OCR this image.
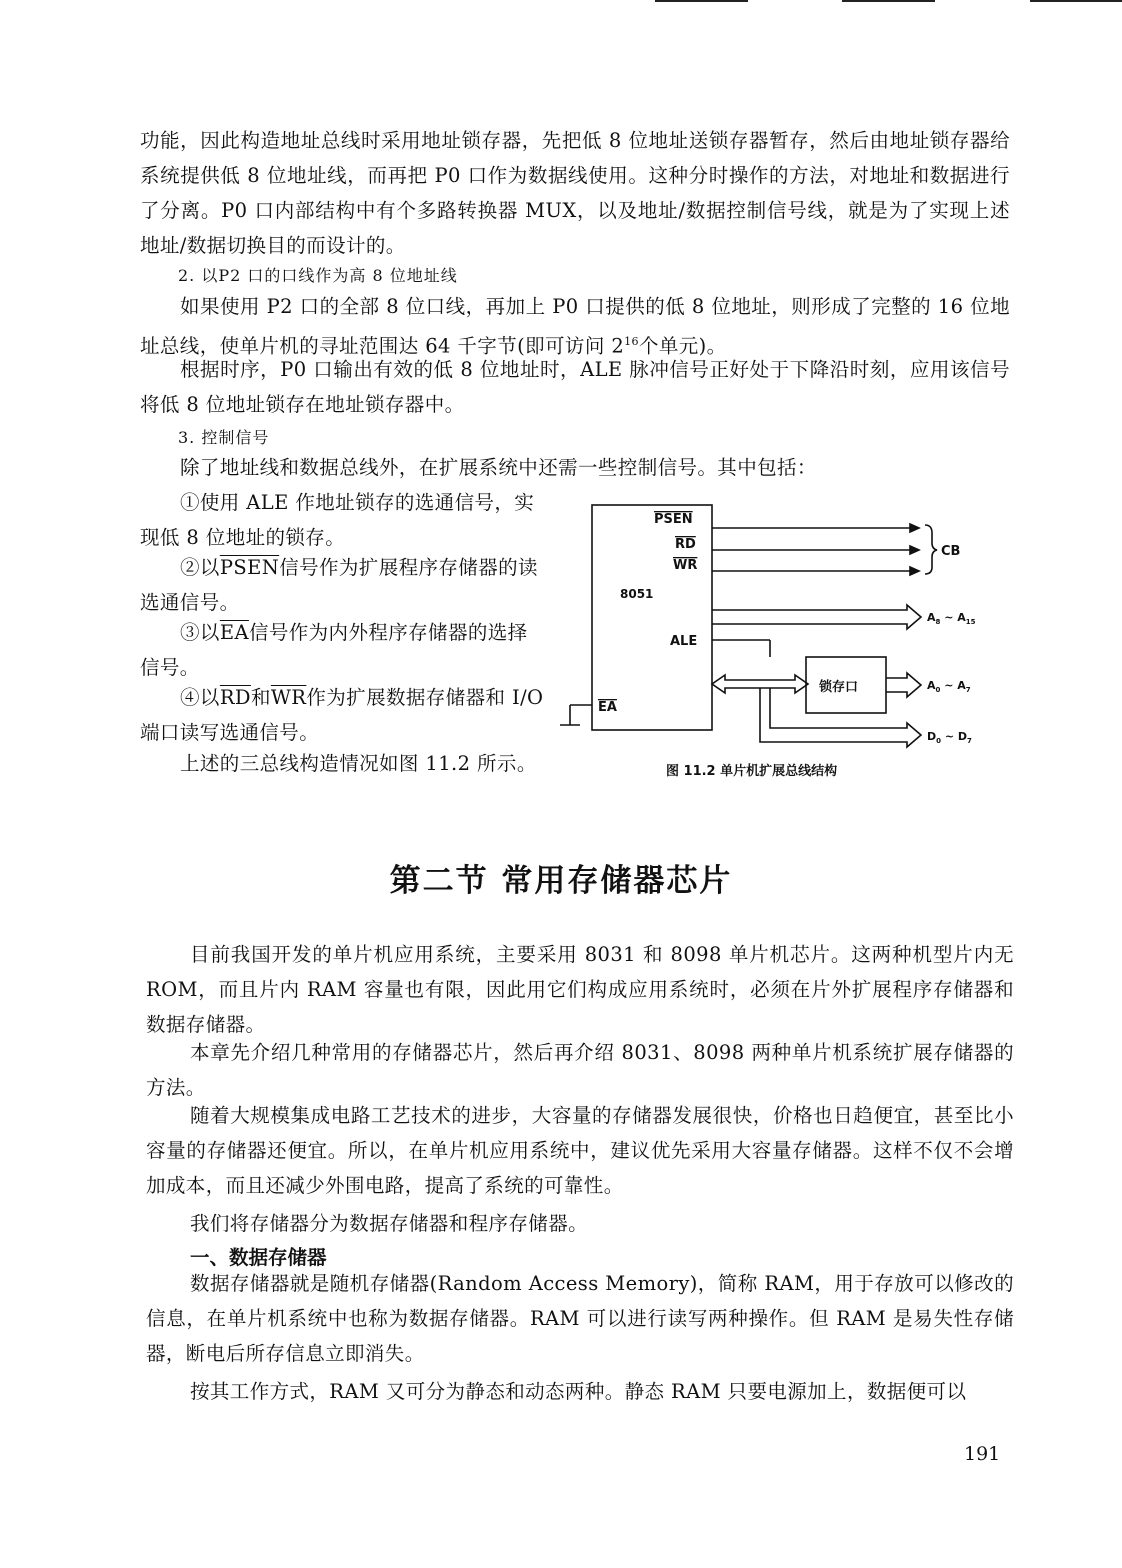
功能，因此构造地址总线时采用地址锁存器，先把低 8 位地址送锁存器暂存，然后由地址锁存器给系统提供低 8 位地址线，而再把 P0 口作为数据线使用。这种分时操作的方法，对地址和数据进行了分离。P0 口内部结构中有个多路转换器 MUX，以及地址/数据控制信号线，就是为了实现上述地址/数据切换目的而设计的。

2. 以P2 口的口线作为高 8 位地址线

如果使用 P2 口的全部 8 位口线，再加上 P0 口提供的低 8 位地址，则形成了完整的 16 位地址总线，使单片机的寻址范围达 64 千字节(即可访问 $2^{16}$个单元)。

根据时序，P0 口输出有效的低 8 位地址时，ALE 脉冲信号正好处于下降沿时刻，应用该信号将低 8 位地址锁存在地址锁存器中。

3. 控制信号

除了地址线和数据总线外，在扩展系统中还需一些控制信号。其中包括：

①使用 ALE 作地址锁存的选通信号，实现低 8 位地址的锁存。

②以PSEN信号作为扩展程序存储器的读选通信号。

③以$\overline{EA}$信号作为内外程序存储器的选择信号。

④以$\overline{RD}$和$\overline{WR}$作为扩展数据存储器和 I/O 端口读写选通信号。

上述的三总线构造情况如图 11.2 所示。

PSEN
RD
WR
8051
ALE
EA
CB
锁存口
$A_8$ ~ $A_{15}$
$A_0$ ~ $A_7$
$D_0$ ~ $D_7$
图 11.2 单片机扩展总线结构
第二节 常用存储器芯片

目前我国开发的单片机应用系统，主要采用 8031 和 8098 单片机芯片。这两种机型片内无 ROM，而且片内 RAM 容量也有限，因此用它们构成应用系统时，必须在片外扩展程序存储器和数据存储器。

本章先介绍几种常用的存储器芯片，然后再介绍 8031、8098 两种单片机系统扩展存储器的方法。

随着大规模集成电路工艺技术的进步，大容量的存储器发展很快，价格也日趋便宜，甚至比小容量的存储器还便宜。所以，在单片机应用系统中，建议优先采用大容量存储器。这样不仅不会增加成本，而且还减少外围电路，提高了系统的可靠性。

我们将存储器分为数据存储器和程序存储器。

一、数据存储器

数据存储器就是随机存储器(Random Access Memory)，简称 RAM，用于存放可以修改的信息，在单片机系统中也称为数据存储器。RAM 可以进行读写两种操作。但 RAM 是易失性存储器，断电后所存信息立即消失。

按其工作方式，RAM 又可分为静态和动态两种。静态 RAM 只要电源加上，数据便可以

191
